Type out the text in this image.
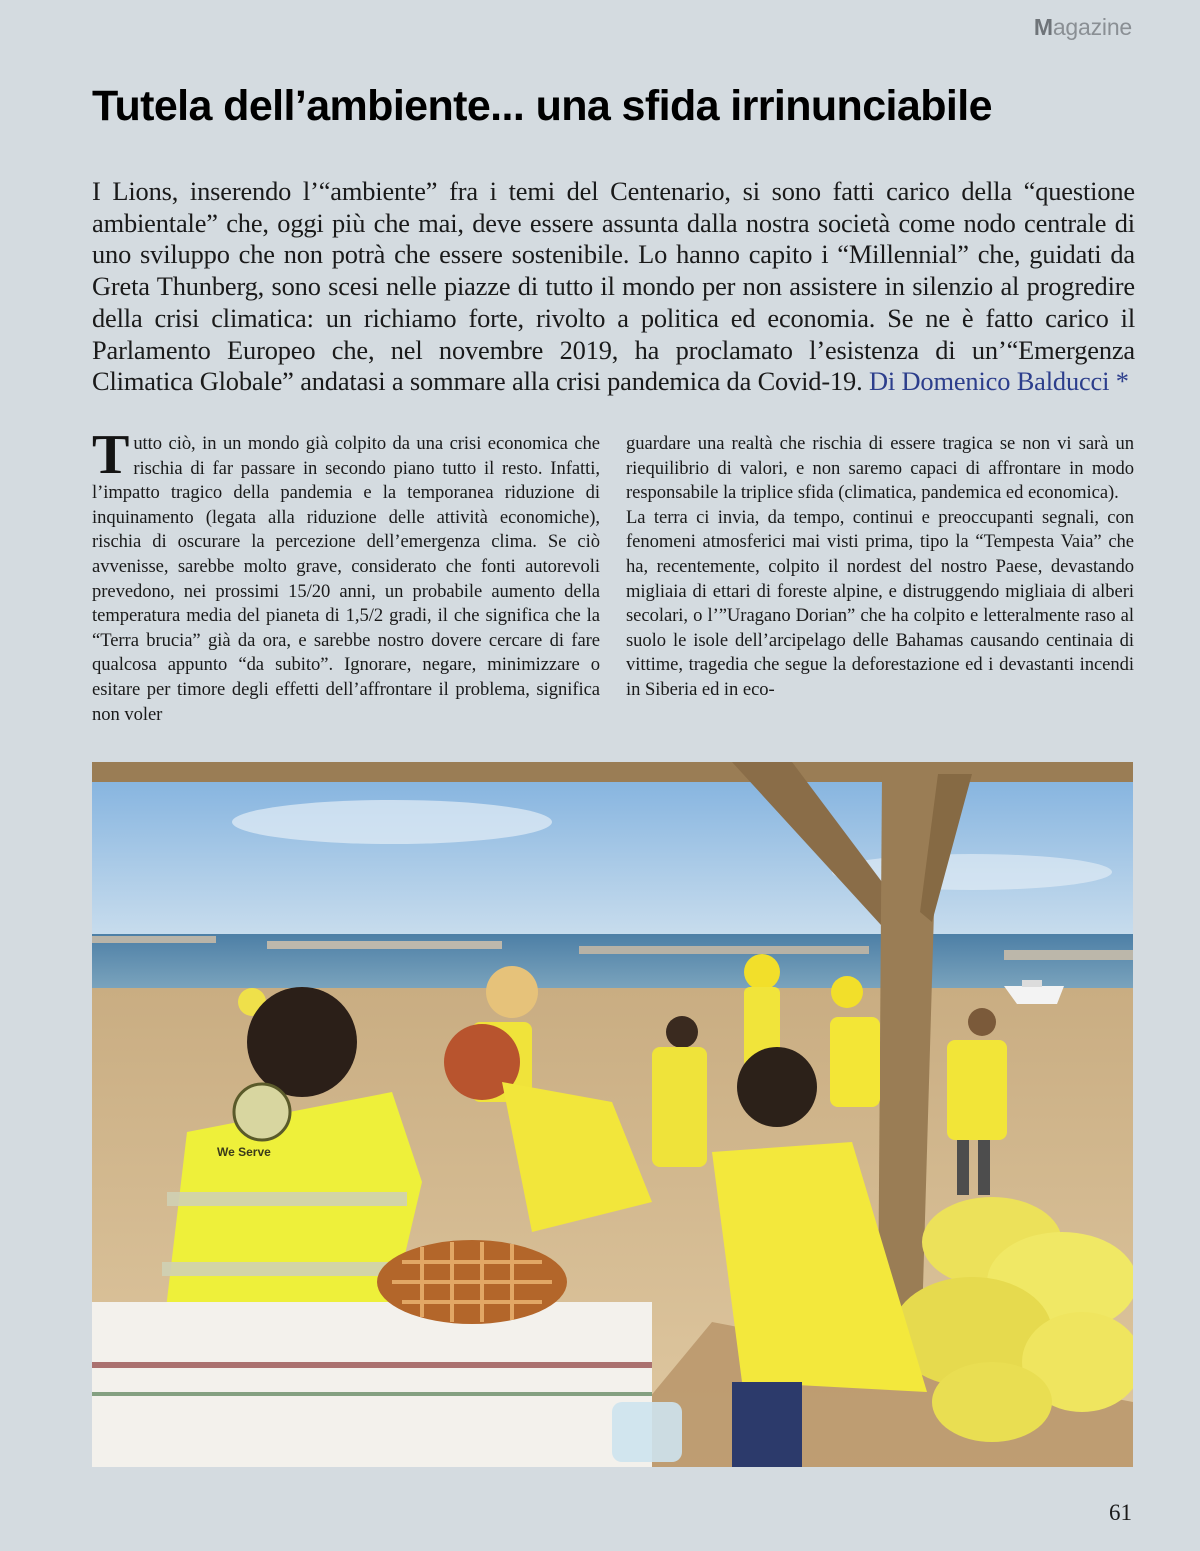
Magazine
Tutela dell’ambiente... una sfida irrinunciabile

I Lions, inserendo l’“ambiente” fra i temi del Centenario, si sono fatti carico della “questione ambientale” che, oggi più che mai, deve essere assunta dalla nostra società come nodo centrale di uno sviluppo che non potrà che essere sostenibile. Lo hanno capito i “Millennial” che, guidati da Greta Thunberg, sono scesi nelle piazze di tutto il mondo per non assistere in silenzio al progredire della crisi climatica: un richiamo forte, rivolto a politica ed economia. Se ne è fatto carico il Parlamento Europeo che, nel novembre 2019, ha proclamato l’esistenza di un’“Emergenza Climatica Globale” andatasi a sommare alla crisi pandemica da Covid-19. Di Domenico Balducci *

Tutto ciò, in un mondo già colpito da una crisi economica che rischia di far passare in secondo piano tutto il resto. Infatti, l’impatto tragico della pandemia e la temporanea riduzione di inquinamento (legata alla riduzione delle attività economiche), rischia di oscurare la percezione dell’emergenza clima. Se ciò avvenisse, sarebbe molto grave, considerato che fonti autorevoli prevedono, nei prossimi 15/20 anni, un probabile aumento della temperatura media del pianeta di 1,5/2 gradi, il che significa che la “Terra brucia” già da ora, e sarebbe nostro dovere cercare di fare qualcosa appunto “da subito”. Ignorare, negare, minimizzare o esitare per timore degli effetti dell’affrontare il problema, significa non voler

guardare una realtà che rischia di essere tragica se non vi sarà un riequilibrio di valori, e non saremo capaci di affrontare in modo responsabile la triplice sfida (climatica, pandemica ed economica).

La terra ci invia, da tempo, continui e preoccupanti segnali, con fenomeni atmosferici mai visti prima, tipo la “Tempesta Vaia” che ha, recentemente, colpito il nordest del nostro Paese, devastando migliaia di ettari di foreste alpine, e distruggendo migliaia di alberi secolari, o l’”Uragano Dorian” che ha colpito e letteralmente raso al suolo le isole dell’arcipelago delle Bahamas causando centinaia di vittime, tragedia che segue la deforestazione ed i devastanti incendi in Siberia ed in eco-

We Serve
61
